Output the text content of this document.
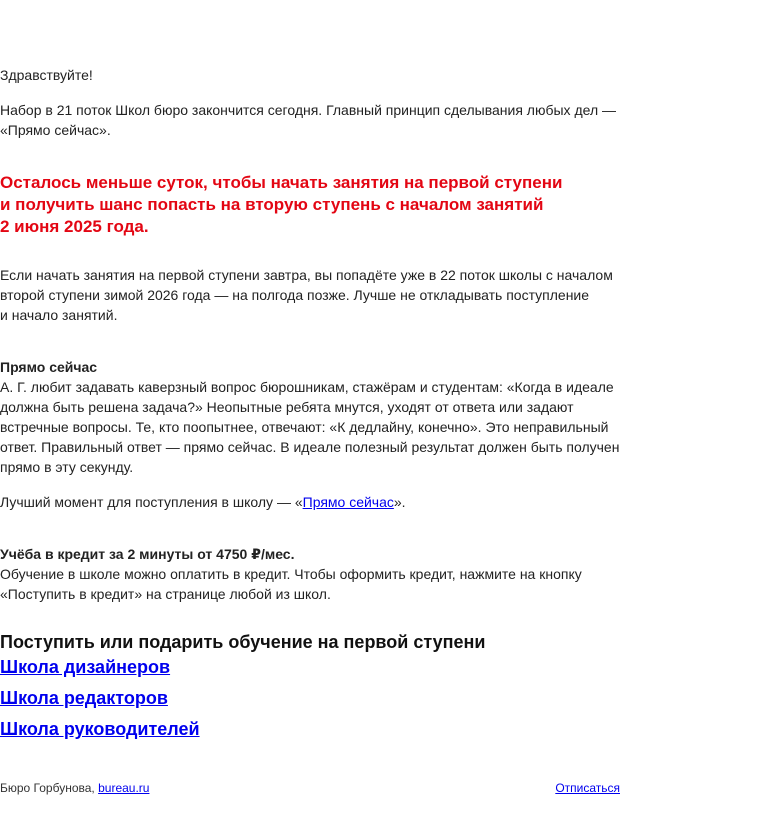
Здравствуйте!

Набор в 21 поток Школ бюро закончится сегодня. Главный принцип сделывания любых дел — «Прямо сейчас».

Осталось меньше суток, чтобы начать занятия на первой ступени
и получить шанс попасть на вторую ступень с началом занятий
2 июня 2025 года.

Если начать занятия на первой ступени завтра, вы попадёте уже в 22 поток школы с началом
второй ступени зимой 2026 года — на полгода позже. Лучше не откладывать поступление
и начало занятий.

Прямо сейчас

А. Г. любит задавать каверзный вопрос бюрошникам, стажёрам и студентам: «Когда в идеале должна быть решена задача?» Неопытные ребята мнутся, уходят от ответа или задают встречные вопросы. Те, кто поопытнее, отвечают: «К дедлайну, конечно». Это неправильный ответ. Правильный ответ — прямо сейчас. В идеале полезный результат должен быть получен прямо в эту секунду.

Лучший момент для поступления в школу — «Прямо сейчас».

Учёба в кредит за 2 минуты от 4750 ₽/мес.

Обучение в школе можно оплатить в кредит. Чтобы оформить кредит, нажмите на кнопку
«Поступить в кредит» на странице любой из школ.

Поступить или подарить обучение на первой ступени
Школа дизайнеров
Школа редакторов
Школа руководителей
Бюро Горбунова, bureau.ru	Отписаться
